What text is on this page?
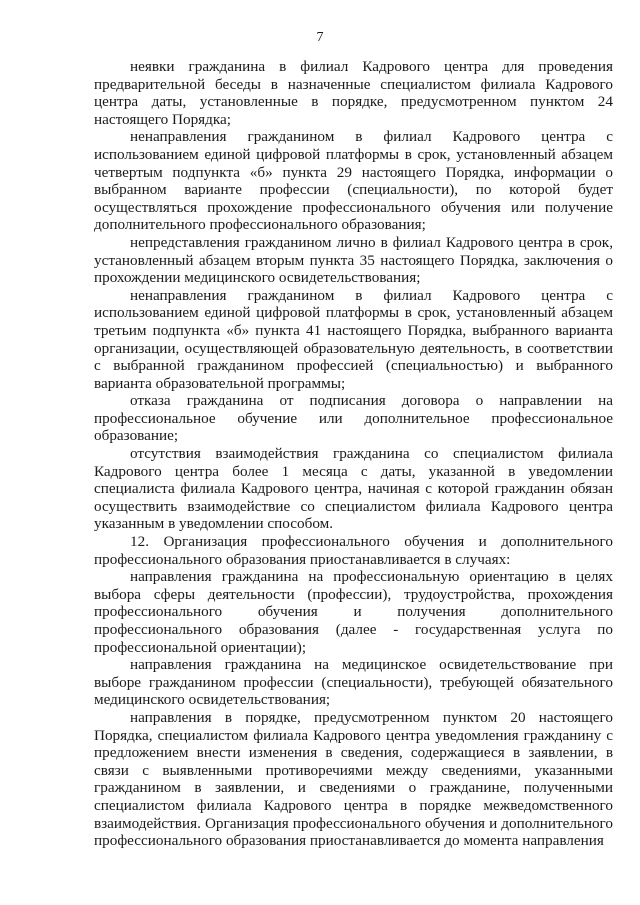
7

неявки гражданина в филиал Кадрового центра для проведения предварительной беседы в назначенные специалистом филиала Кадрового центра даты, установленные в порядке, предусмотренном пунктом 24 настоящего Порядка;

ненаправления гражданином в филиал Кадрового центра с использованием единой цифровой платформы в срок, установленный абзацем четвертым подпункта «б» пункта 29 настоящего Порядка, информации о выбранном варианте профессии (специальности), по которой будет осуществляться прохождение профессионального обучения или получение дополнительного профессионального образования;

непредставления гражданином лично в филиал Кадрового центра в срок, установленный абзацем вторым пункта 35 настоящего Порядка, заключения о прохождении медицинского освидетельствования;

ненаправления гражданином в филиал Кадрового центра с использованием единой цифровой платформы в срок, установленный абзацем третьим подпункта «б» пункта 41 настоящего Порядка, выбранного варианта организации, осуществляющей образовательную деятельность, в соответствии с выбранной гражданином профессией (специальностью) и выбранного варианта образовательной программы;

отказа гражданина от подписания договора о направлении на профессиональное обучение или дополнительное профессиональное образование;

отсутствия взаимодействия гражданина со специалистом филиала Кадрового центра более 1 месяца с даты, указанной в уведомлении специалиста филиала Кадрового центра, начиная с которой гражданин обязан осуществить взаимодействие со специалистом филиала Кадрового центра указанным в уведомлении способом.

12. Организация профессионального обучения и дополнительного профессионального образования приостанавливается в случаях:

направления гражданина на профессиональную ориентацию в целях выбора сферы деятельности (профессии), трудоустройства, прохождения профессионального обучения и получения дополнительного профессионального образования (далее - государственная услуга по профессиональной ориентации);

направления гражданина на медицинское освидетельствование при выборе гражданином профессии (специальности), требующей обязательного медицинского освидетельствования;

направления в порядке, предусмотренном пунктом 20 настоящего Порядка, специалистом филиала Кадрового центра уведомления гражданину с предложением внести изменения в сведения, содержащиеся в заявлении, в связи с выявленными противоречиями между сведениями, указанными гражданином в заявлении, и сведениями о гражданине, полученными специалистом филиала Кадрового центра в порядке межведомственного взаимодействия. Организация профессионального обучения и дополнительного профессионального образования приостанавливается до момента направления
